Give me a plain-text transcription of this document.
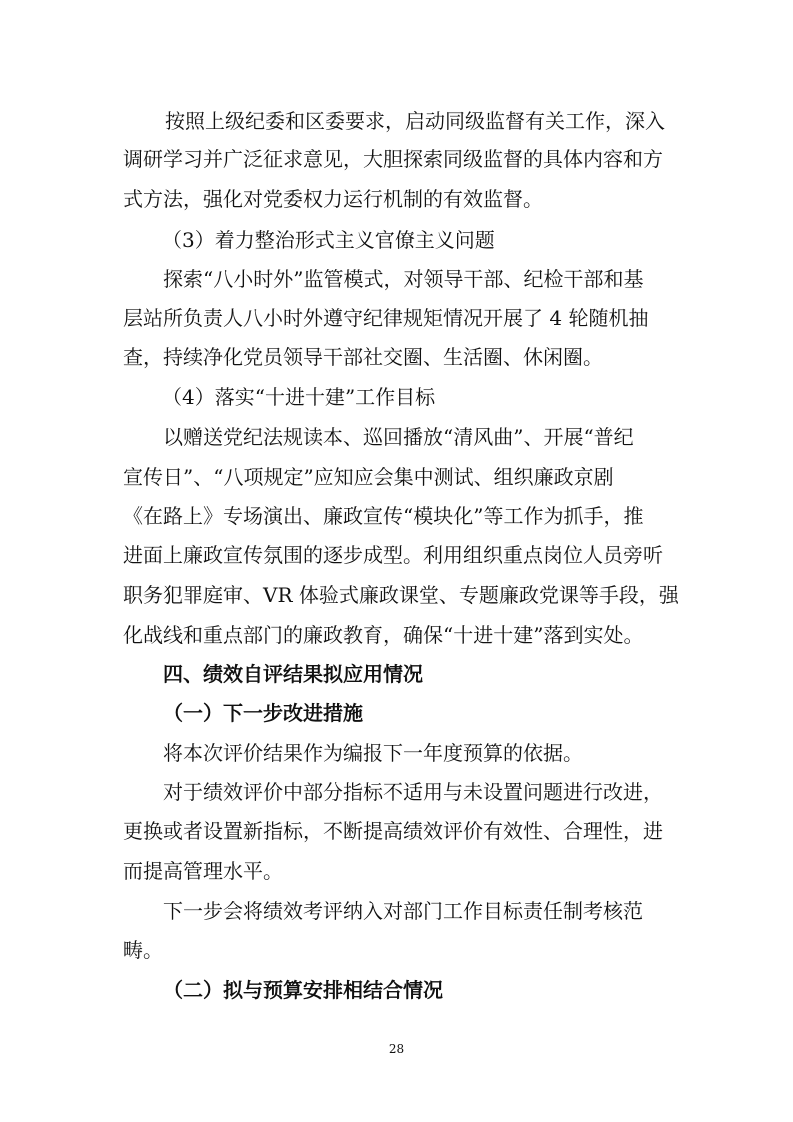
按照上级纪委和区委要求，启动同级监督有关工作，深入

调研学习并广泛征求意见，大胆探索同级监督的具体内容和方

式方法，强化对党委权力运行机制的有效监督。

（3）着力整治形式主义官僚主义问题

探索“八小时外”监管模式，对领导干部、纪检干部和基

层站所负责人八小时外遵守纪律规矩情况开展了 4 轮随机抽

查，持续净化党员领导干部社交圈、生活圈、休闲圈。

（4）落实“十进十建”工作目标

以赠送党纪法规读本、巡回播放“清风曲”、开展“普纪

宣传日”、“八项规定”应知应会集中测试、组织廉政京剧

《在路上》专场演出、廉政宣传“模块化”等工作为抓手，推

进面上廉政宣传氛围的逐步成型。利用组织重点岗位人员旁听

职务犯罪庭审、VR 体验式廉政课堂、专题廉政党课等手段，强

化战线和重点部门的廉政教育，确保“十进十建”落到实处。

四、绩效自评结果拟应用情况
（一）下一步改进措施

将本次评价结果作为编报下一年度预算的依据。

对于绩效评价中部分指标不适用与未设置问题进行改进，

更换或者设置新指标，不断提高绩效评价有效性、合理性，进

而提高管理水平。

下一步会将绩效考评纳入对部门工作目标责任制考核范

畴。

（二）拟与预算安排相结合情况
28
